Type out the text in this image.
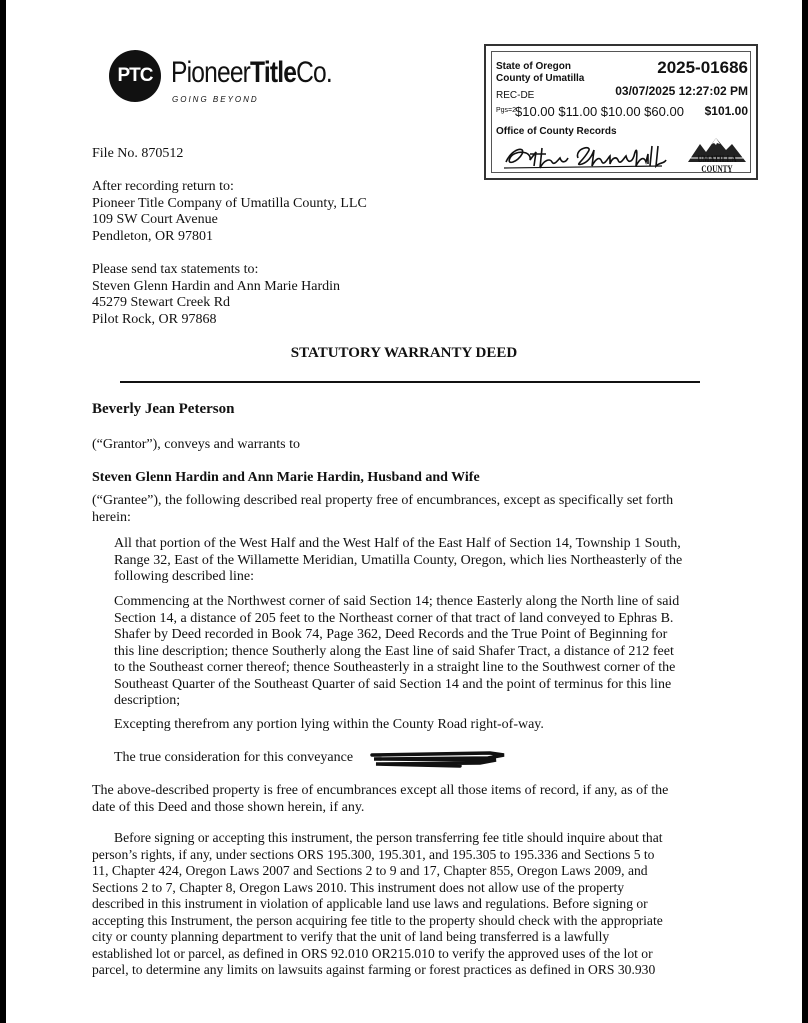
PTC PioneerTitleCo.
GOING BEYOND
State of Oregon
County of Umatilla
2025-01686
REC-DE	03/07/2025 12:27:02 PM
Pgs=2
$10.00 $11.00 $10.00 $60.00 $101.00
Office of County Records
UMATILLA COUNTY
File No. 870512
After recording return to:
Pioneer Title Company of Umatilla County, LLC
109 SW Court Avenue
Pendleton, OR 97801
Please send tax statements to:
Steven Glenn Hardin and Ann Marie Hardin
45279 Stewart Creek Rd
Pilot Rock, OR 97868
STATUTORY WARRANTY DEED
Beverly Jean Peterson
(“Grantor”), conveys and warrants to
Steven Glenn Hardin and Ann Marie Hardin, Husband and Wife
(“Grantee”), the following described real property free of encumbrances, except as specifically set forth
herein:
All that portion of the West Half and the West Half of the East Half of Section 14, Township 1 South,
Range 32, East of the Willamette Meridian, Umatilla County, Oregon, which lies Northeasterly of the
following described line:
Commencing at the Northwest corner of said Section 14; thence Easterly along the North line of said
Section 14, a distance of 205 feet to the Northeast corner of that tract of land conveyed to Ephras B.
Shafer by Deed recorded in Book 74, Page 362, Deed Records and the True Point of Beginning for
this line description; thence Southerly along the East line of said Shafer Tract, a distance of 212 feet
to the Southeast corner thereof; thence Southeasterly in a straight line to the Southwest corner of the
Southeast Quarter of the Southeast Quarter of said Section 14 and the point of terminus for this line
description;
Excepting therefrom any portion lying within the County Road right-of-way.
The true consideration for this conveyance
The above-described property is free of encumbrances except all those items of record, if any, as of the
date of this Deed and those shown herein, if any.
Before signing or accepting this instrument, the person transferring fee title should inquire about that
person’s rights, if any, under sections ORS 195.300, 195.301, and 195.305 to 195.336 and Sections 5 to
11, Chapter 424, Oregon Laws 2007 and Sections 2 to 9 and 17, Chapter 855, Oregon Laws 2009, and
Sections 2 to 7, Chapter 8, Oregon Laws 2010. This instrument does not allow use of the property
described in this instrument in violation of applicable land use laws and regulations. Before signing or
accepting this Instrument, the person acquiring fee title to the property should check with the appropriate
city or county planning department to verify that the unit of land being transferred is a lawfully
established lot or parcel, as defined in ORS 92.010 OR215.010 to verify the approved uses of the lot or
parcel, to determine any limits on lawsuits against farming or forest practices as defined in ORS 30.930
